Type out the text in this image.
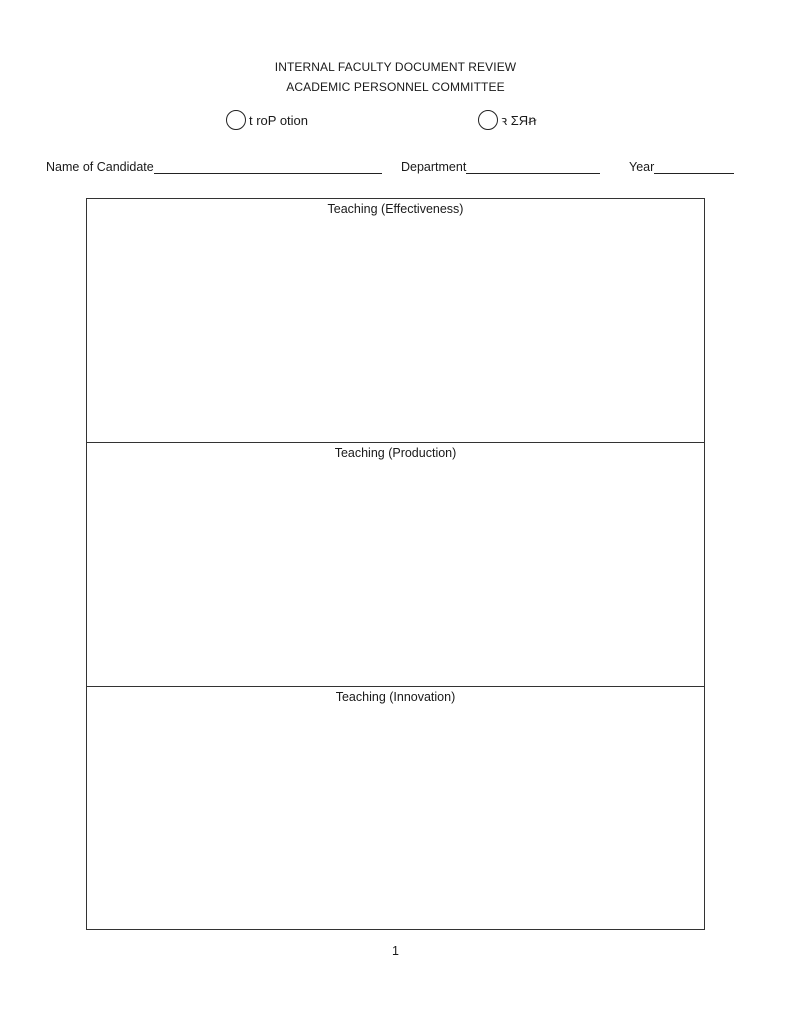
INTERNAL FACULTY DOCUMENT REVIEW
ACADEMIC PERSONNEL COMMITTEE
t roP otion	ꝛ ΣЯꞥ
Name of Candidate	Department	Year
Teaching (Effectiveness)
Teaching (Production)
Teaching (Innovation)
1
